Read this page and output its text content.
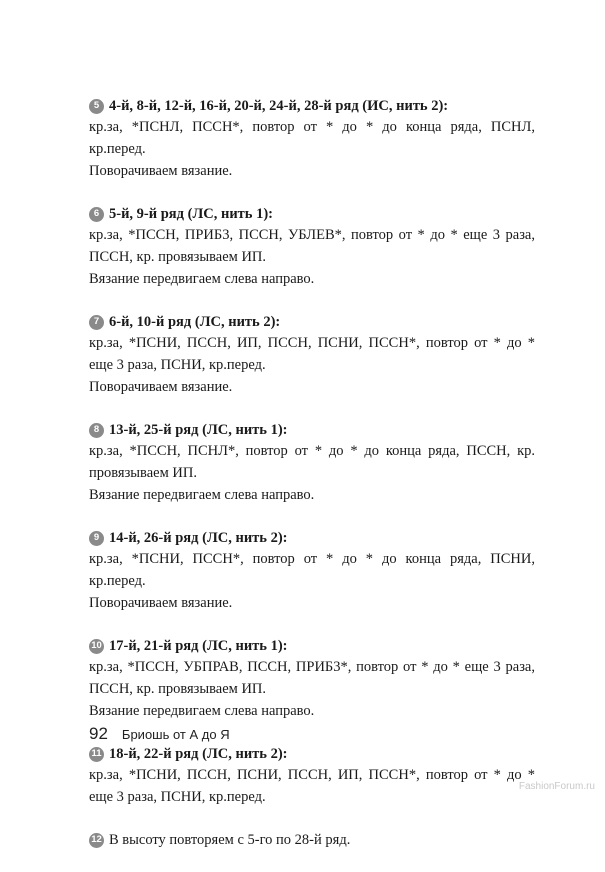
5 4-й, 8-й, 12-й, 16-й, 20-й, 24-й, 28-й ряд (ИС, нить 2):
кр.за, *ПСНЛ, ПССН*, повтор от * до * до конца ряда, ПСНЛ, кр.перед.
Поворачиваем вязание.
6 5-й, 9-й ряд (ЛС, нить 1):
кр.за, *ПССН, ПРИБ3, ПССН, УБЛЕВ*, повтор от * до * еще 3 раза, ПССН, кр. провязываем ИП.
Вязание передвигаем слева направо.
7 6-й, 10-й ряд (ЛС, нить 2):
кр.за, *ПСНИ, ПССН, ИП, ПССН, ПСНИ, ПССН*, повтор от * до * еще 3 раза, ПСНИ, кр.перед.
Поворачиваем вязание.
8 13-й, 25-й ряд (ЛС, нить 1):
кр.за, *ПССН, ПСНЛ*, повтор от * до * до конца ряда, ПССН, кр. провязываем ИП.
Вязание передвигаем слева направо.
9 14-й, 26-й ряд (ЛС, нить 2):
кр.за, *ПСНИ, ПССН*, повтор от * до * до конца ряда, ПСНИ, кр.перед.
Поворачиваем вязание.
10 17-й, 21-й ряд (ЛС, нить 1):
кр.за, *ПССН, УБПРАВ, ПССН, ПРИБ3*, повтор от * до * еще 3 раза, ПССН, кр. провязываем ИП.
Вязание передвигаем слева направо.
11 18-й, 22-й ряд (ЛС, нить 2):
кр.за, *ПСНИ, ПССН, ПСНИ, ПССН, ИП, ПССН*, повтор от * до * еще 3 раза, ПСНИ, кр.перед.
12 В высоту повторяем с 5-го по 28-й ряд.
92 Бриошь от А до Я
FashionForum.ru
